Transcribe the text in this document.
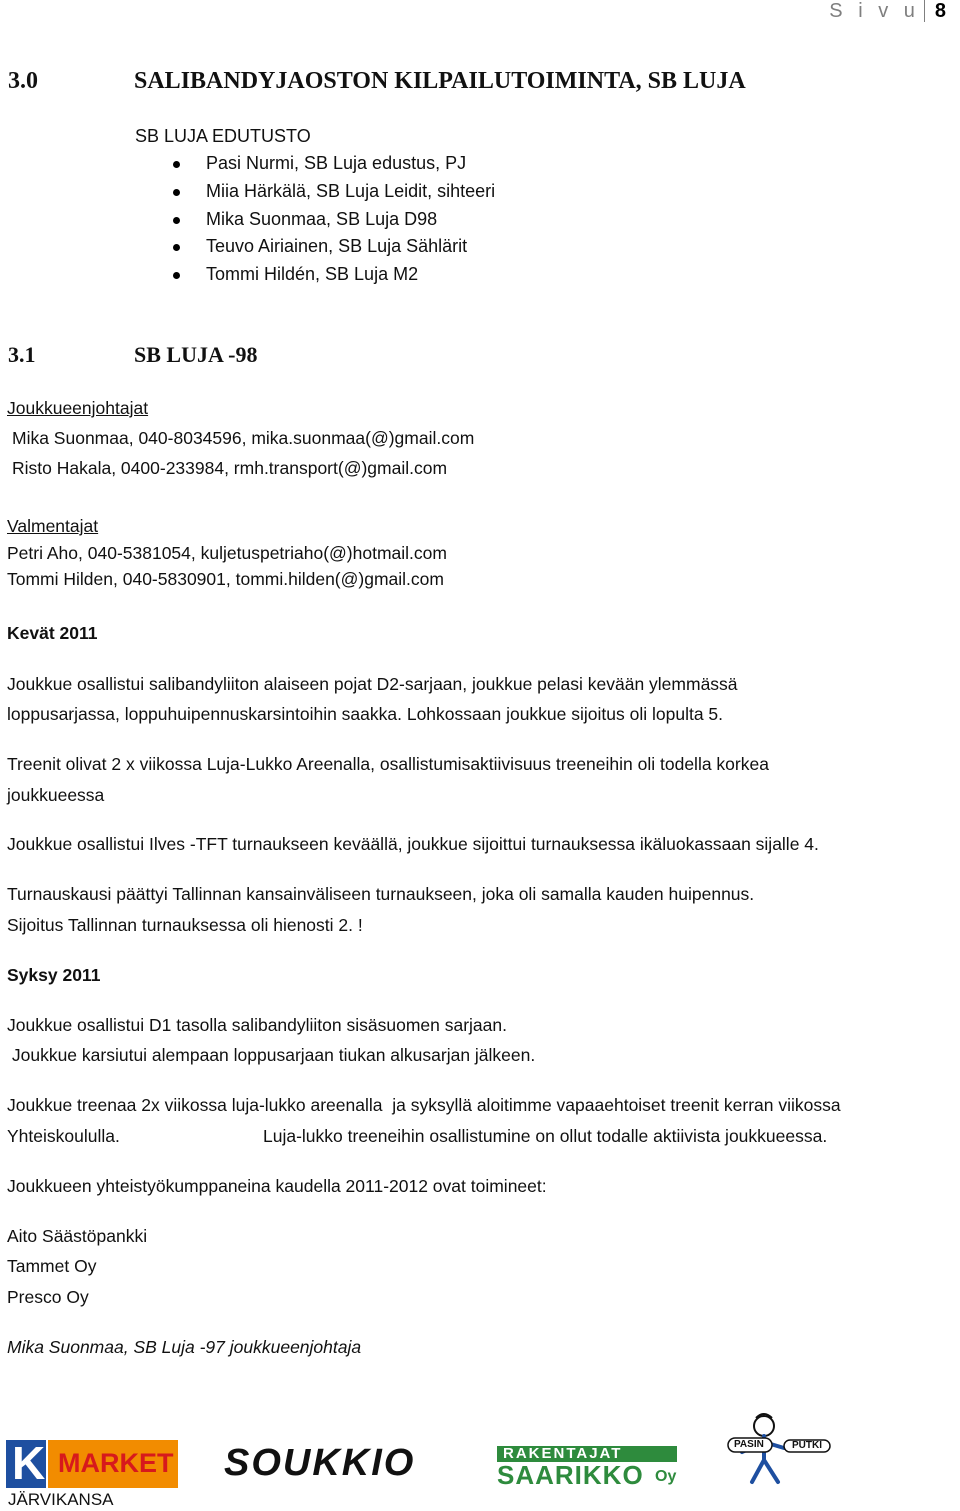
S i v u 8
3.0	SALIBANDYJAOSTON KILPAILUTOIMINTA, SB LUJA
SB LUJA EDUTUSTO
Pasi Nurmi, SB Luja edustus, PJ
Miia Härkälä, SB Luja Leidit, sihteeri
Mika Suonmaa, SB Luja D98
Teuvo Airiainen, SB Luja Sählärit
Tommi Hildén, SB Luja M2
3.1	SB LUJA -98
Joukkueenjohtajat
Mika Suonmaa, 040-8034596, mika.suonmaa(@)gmail.com
Risto Hakala, 0400-233984, rmh.transport(@)gmail.com
Valmentajat
Petri Aho, 040-5381054, kuljetuspetriaho(@)hotmail.com
Tommi Hilden, 040-5830901, tommi.hilden(@)gmail.com
Kevät 2011
Joukkue osallistui salibandyliiton alaiseen pojat D2-sarjaan, joukkue pelasi kevään ylemmässä
loppusarjassa, loppuhuipennuskarsintoihin saakka. Lohkossaan joukkue sijoitus oli lopulta 5.
Treenit olivat 2 x viikossa Luja-Lukko Areenalla, osallistumisaktiivisuus treeneihin oli todella korkea
joukkueessa
Joukkue osallistui Ilves -TFT turnaukseen keväällä, joukkue sijoittui turnauksessa ikäluokassaan sijalle 4.
Turnauskausi päättyi Tallinnan kansainväliseen turnaukseen, joka oli samalla kauden huipennus.
Sijoitus Tallinnan turnauksessa oli hienosti 2. !
Syksy 2011
Joukkue osallistui D1 tasolla salibandyliiton sisäsuomen sarjaan.
Joukkue karsiutui alempaan loppusarjaan tiukan alkusarjan jälkeen.
Joukkue treenaa 2x viikossa luja-lukko areenalla  ja syksyllä aloitimme vapaaehtoiset treenit kerran viikossa
Yhteiskoululla.	Luja-lukko treeneihin osallistumine on ollut todalle aktiivista joukkueessa.
Joukkueen yhteistyökumppaneina kaudella 2011-2012 ovat toimineet:
Aito Säästöpankki
Tammet Oy
Presco Oy
Mika Suonmaa, SB Luja -97 joukkueenjohtaja
K MARKET
JÄRVIKANSA
SOUKKIO	RAKENTAJAT
SAARIKKO Oy
PASIN	PUTKI
